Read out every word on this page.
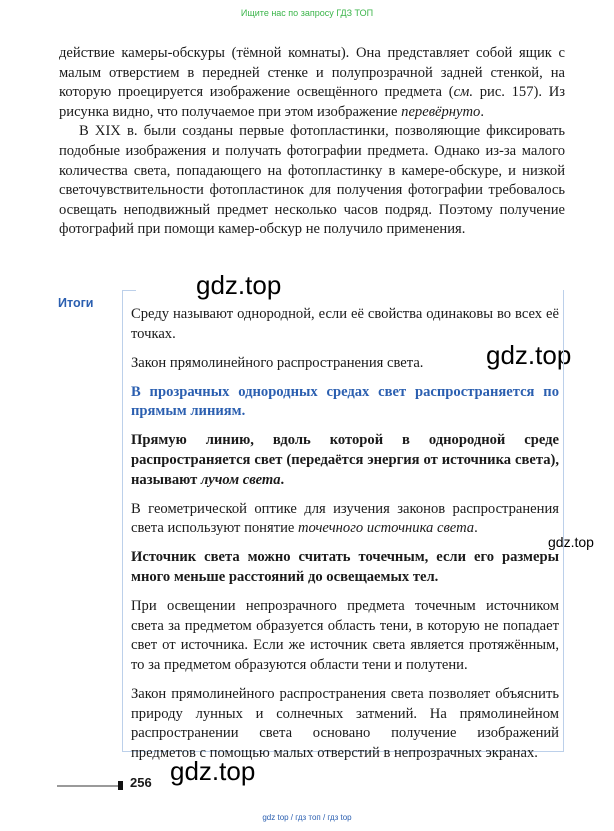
Ищите нас по запросу ГДЗ ТОП

действие камеры-обскуры (тёмной комнаты). Она представляет собой ящик с малым отверстием в передней стенке и полупрозрачной задней стенкой, на которую проецируется изображение освещённого предмета (см. рис. 157). Из рисунка видно, что получаемое при этом изображение перевёрнуто.

В XIX в. были созданы первые фотопластинки, позволяющие фиксировать подобные изображения и получать фотографии предмета. Однако из-за малого количества света, попадающего на фотопластинку в камере-обскуре, и низкой светочувствительности фотопластинок для получения фотографии требовалось освещать неподвижный предмет несколько часов подряд. Поэтому получение фотографий при помощи камер-обскур не получило применения.

gdz.top
gdz.top
gdz.top
gdz.top
Итоги

Среду называют однородной, если её свойства одинаковы во всех её точках.

Закон прямолинейного распространения света.

В прозрачных однородных средах свет распространяется по прямым линиям.

Прямую линию, вдоль которой в однородной среде распространяется свет (передаётся энергия от источника света), называют лучом света.

В геометрической оптике для изучения законов распространения света используют понятие точечного источника света.

Источник света можно считать точечным, если его размеры много меньше расстояний до освещаемых тел.

При освещении непрозрачного предмета точечным источником света за предметом образуется область тени, в которую не попадает свет от источника. Если же источник света является протяжённым, то за предметом образуются области тени и полутени.

Закон прямолинейного распространения света позволяет объяснить природу лунных и солнечных затмений. На прямолинейном распространении света основано получение изображений предметов с помощью малых отверстий в непрозрачных экранах.

256
gdz top / гдз топ / гдз top
